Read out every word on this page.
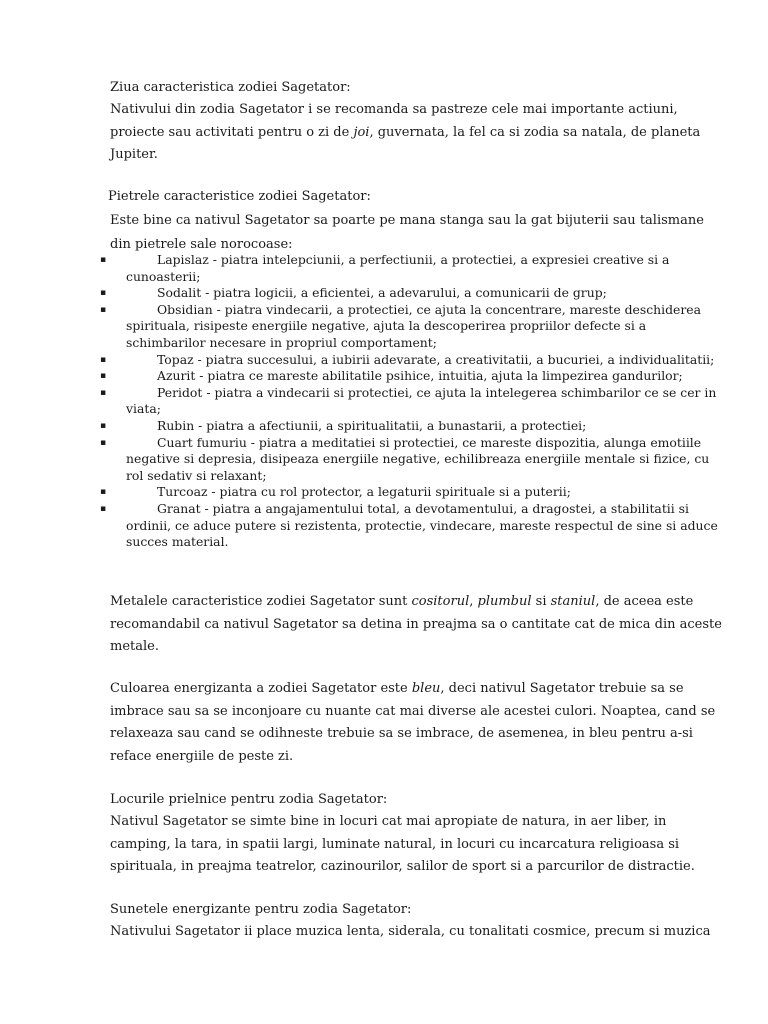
Ziua caracteristica zodiei Sagetator:
Nativului din zodia Sagetator i se recomanda sa pastreze cele mai importante actiuni, proiecte sau activitati pentru o zi de joi, guvernata, la fel ca si zodia sa natala, de planeta Jupiter.
Pietrele caracteristice zodiei Sagetator:
Este bine ca nativul Sagetator sa poarte pe mana stanga sau la gat bijuterii sau talismane din pietrele sale norocoase:
▪	Lapislaz - piatra intelepciunii, a perfectiunii, a protectiei, a expresiei creative si a cunoasterii;
▪	Sodalit - piatra logicii, a eficientei, a adevarului, a comunicarii de grup;
▪	Obsidian - piatra vindecarii, a protectiei, ce ajuta la concentrare, mareste deschiderea spirituala, risipeste energiile negative, ajuta la descoperirea propriilor defecte si a schimbarilor necesare in propriul comportament;
▪	Topaz - piatra succesului, a iubirii adevarate, a creativitatii, a bucuriei, a individualitatii;
▪	Azurit - piatra ce mareste abilitatile psihice, intuitia, ajuta la limpezirea gandurilor;
▪	Peridot - piatra a vindecarii si protectiei, ce ajuta la intelegerea schimbarilor ce se cer in viata;
▪	Rubin - piatra a afectiunii, a spiritualitatii, a bunastarii, a protectiei;
▪	Cuart fumuriu - piatra a meditatiei si protectiei, ce mareste dispozitia, alunga emotiile negative si depresia, disipeaza energiile negative, echilibreaza energiile mentale si fizice, cu rol sedativ si relaxant;
▪	Turcoaz - piatra cu rol protector, a legaturii spirituale si a puterii;
▪	Granat - piatra a angajamentului total, a devotamentului, a dragostei, a stabilitatii si ordinii, ce aduce putere si rezistenta, protectie, vindecare, mareste respectul de sine si aduce succes material.
Metalele caracteristice zodiei Sagetator sunt cositorul, plumbul si staniul, de aceea este recomandabil ca nativul Sagetator sa detina in preajma sa o cantitate cat de mica din aceste metale.
Culoarea energizanta a zodiei Sagetator este bleu, deci nativul Sagetator trebuie sa se imbrace sau sa se inconjoare cu nuante cat mai diverse ale acestei culori. Noaptea, cand se relaxeaza sau cand se odihneste trebuie sa se imbrace, de asemenea, in bleu pentru a-si reface energiile de peste zi.
Locurile prielnice pentru zodia Sagetator:
Nativul Sagetator se simte bine in locuri cat mai apropiate de natura, in aer liber, in camping, la tara, in spatii largi, luminate natural, in locuri cu incarcatura religioasa si spirituala, in preajma teatrelor, cazinourilor, salilor de sport si a parcurilor de distractie.
Sunetele energizante pentru zodia Sagetator:
Nativului Sagetator ii place muzica lenta, siderala, cu tonalitati cosmice, precum si muzica
